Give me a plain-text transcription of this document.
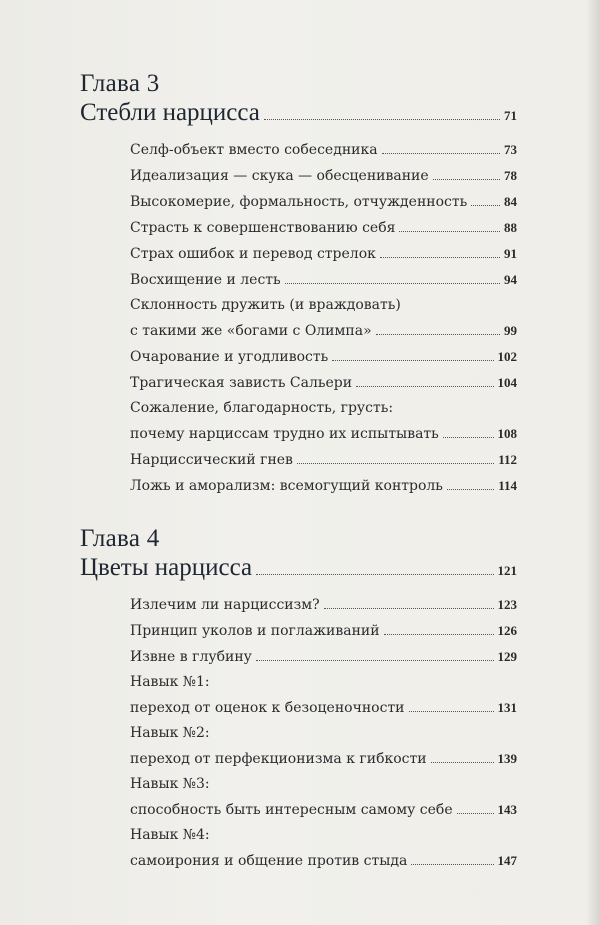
Глава 3
Стебли нарцисса	71
Селф-объект вместо собеседника	73
Идеализация — скука — обесценивание	78
Высокомерие, формальность, отчужденность	84
Страсть к совершенствованию себя	88
Страх ошибок и перевод стрелок	91
Восхищение и лесть	94
Склонность дружить (и враждовать)
с такими же «богами с Олимпа»	99
Очарование и угодливость	102
Трагическая зависть Сальери	104
Сожаление, благодарность, грусть:
почему нарциссам трудно их испытывать	108
Нарциссический гнев	112
Ложь и аморализм: всемогущий контроль	114
Глава 4
Цветы нарцисса	121
Излечим ли нарциссизм?	123
Принцип уколов и поглаживаний	126
Извне в глубину	129
Навык №1:
переход от оценок к безоценочности	131
Навык №2:
переход от перфекционизма к гибкости	139
Навык №3:
способность быть интересным самому себе	143
Навык №4:
самоирония и общение против стыда	147
